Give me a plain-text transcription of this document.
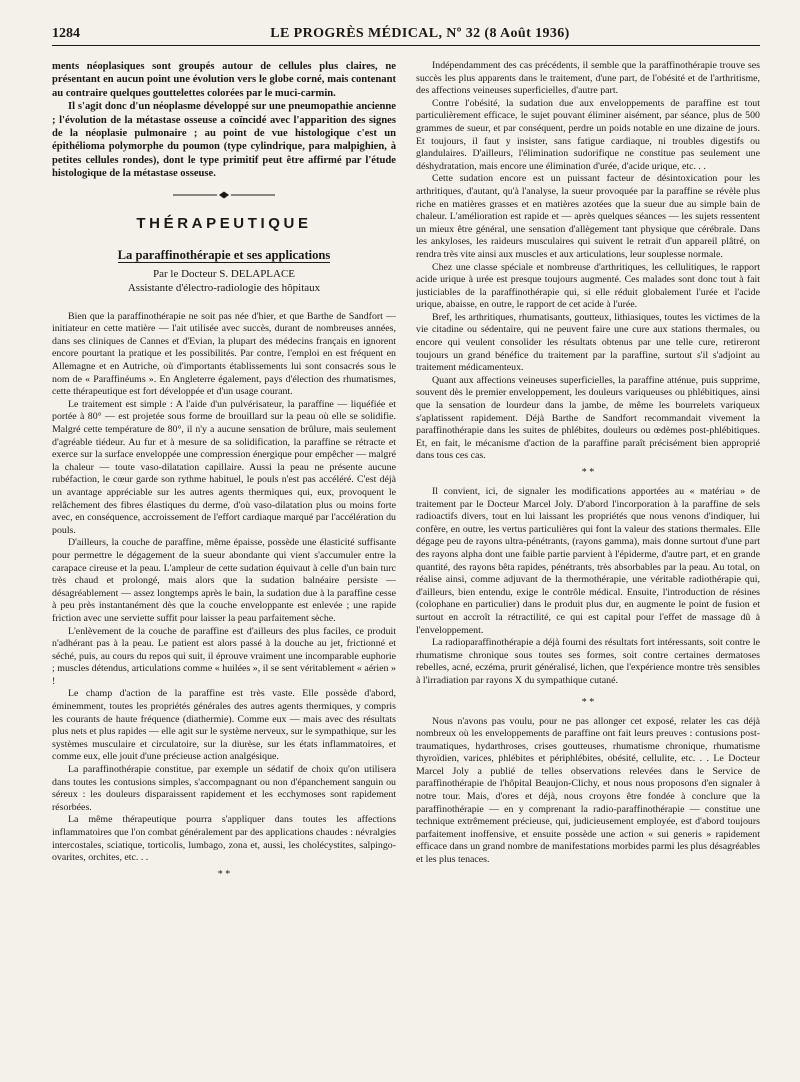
1284	LE PROGRÈS MÉDICAL, Nº 32 (8 Août 1936)

ments néoplasiques sont groupés autour de cellules plus claires, ne présentant en aucun point une évolution vers le globe corné, mais contenant au contraire quelques gouttelettes colorées par le muci-carmin.

Il s'agit donc d'un néoplasme développé sur une pneumopathie ancienne ; l'évolution de la métastase osseuse a coïncidé avec l'apparition des signes de la néoplasie pulmonaire ; au point de vue histologique c'est un épithélioma polymorphe du poumon (type cylindrique, para malpighien, à petites cellules rondes), dont le type primitif peut être affirmé par l'étude histologique de la métastase osseuse.

THÉRAPEUTIQUE
La paraffinothérapie et ses applications
Par le Docteur S. DELAPLACE
Assistante d'électro-radiologie des hôpitaux

Bien que la paraffinothérapie ne soit pas née d'hier, et que Barthe de Sandfort — initiateur en cette matière — l'ait utilisée avec succès, durant de nombreuses années, dans ses cliniques de Cannes et d'Evian, la plupart des médecins français en ignorent encore pourtant la pratique et les possibilités. Par contre, l'emploi en est fréquent en Allemagne et en Autriche, où d'importants établissements lui sont consacrés sous le nom de « Paraffinéums ». En Angleterre également, pays d'élection des rhumatismes, cette thérapeutique est fort développée et d'un usage courant.

Le traitement est simple : A l'aide d'un pulvérisateur, la paraffine — liquéfiée et portée à 80° — est projetée sous forme de brouillard sur la peau où elle se solidifie. Malgré cette température de 80°, il n'y a aucune sensation de brûlure, mais seulement d'agréable tiédeur. Au fur et à mesure de sa solidification, la paraffine se rétracte et exerce sur la surface enveloppée une compression énergique pour empêcher — malgré la chaleur — toute vaso-dilatation capillaire. Aussi la peau ne présente aucune rubéfaction, le cœur garde son rythme habituel, le pouls n'est pas accéléré. C'est déjà un avantage appréciable sur les autres agents thermiques qui, eux, provoquent le relâchement des fibres élastiques du derme, d'où vaso-dilatation plus ou moins forte avec, en conséquence, accroissement de l'effort cardiaque marqué par l'accélération du pouls.

D'ailleurs, la couche de paraffine, même épaisse, possède une élasticité suffisante pour permettre le dégagement de la sueur abondante qui vient s'accumuler entre la carapace cireuse et la peau. L'ampleur de cette sudation équivaut à celle d'un bain turc très chaud et prolongé, mais alors que la sudation balnéaire persiste — désagréablement — assez longtemps après le bain, la sudation due à la paraffine cesse à peu près instantanément dès que la couche enveloppante est enlevée ; une rapide friction avec une serviette suffit pour laisser la peau parfaitement sèche.

L'enlèvement de la couche de paraffine est d'ailleurs des plus faciles, ce produit n'adhérant pas à la peau. Le patient est alors passé à la douche au jet, frictionné et séché, puis, au cours du repos qui suit, il éprouve vraiment une incomparable euphorie ; muscles détendus, articulations comme « huilées », il se sent véritablement « aérien » !

Le champ d'action de la paraffine est très vaste. Elle possède d'abord, éminemment, toutes les propriétés générales des autres agents thermiques, y compris les courants de haute fréquence (diathermie). Comme eux — mais avec des résultats plus nets et plus rapides — elle agit sur le système nerveux, sur le sympathique, sur les systèmes musculaire et circulatoire, sur la diurèse, sur les états inflammatoires, et comme eux, elle jouit d'une précieuse action analgésique.

La paraffinothérapie constitue, par exemple un sédatif de choix qu'on utilisera dans toutes les contusions simples, s'accompagnant ou non d'épanchement sanguin ou séreux : les douleurs disparaissent rapidement et les ecchymoses sont rapidement résorbées.

La même thérapeutique pourra s'appliquer dans toutes les affections inflammatoires que l'on combat généralement par des applications chaudes : névralgies intercostales, sciatique, torticolis, lumbago, zona et, aussi, les cholécystites, salpingo-ovarites, orchites, etc. . .

* *

Indépendamment des cas précédents, il semble que la paraffinothérapie trouve ses succès les plus apparents dans le traitement, d'une part, de l'obésité et de l'arthritisme, des affections veineuses superficielles, d'autre part.

Contre l'obésité, la sudation due aux enveloppements de paraffine est tout particulièrement efficace, le sujet pouvant éliminer aisément, par séance, plus de 500 grammes de sueur, et par conséquent, perdre un poids notable en une dizaine de jours. Et toujours, il faut y insister, sans fatigue cardiaque, ni troubles digestifs ou glandulaires. D'ailleurs, l'élimination sudorifique ne constitue pas seulement une déshydratation, mais encore une élimination d'urée, d'acide urique, etc. . .

Cette sudation encore est un puissant facteur de désintoxication pour les arthritiques, d'autant, qu'à l'analyse, la sueur provoquée par la paraffine se révèle plus riche en matières grasses et en matières azotées que la sueur due au simple bain de chaleur. L'amélioration est rapide et — après quelques séances — les sujets ressentent un mieux être général, une sensation d'allègement tant physique que cérébrale. Dans les ankyloses, les raideurs musculaires qui suivent le retrait d'un appareil plâtré, on rendra très vite ainsi aux muscles et aux articulations, leur souplesse normale.

Chez une classe spéciale et nombreuse d'arthritiques, les cellulitiques, le rapport acide urique à urée est presque toujours augmenté. Ces malades sont donc tout à fait justiciables de la paraffinothérapie qui, si elle réduit globalement l'urée et l'acide urique, abaisse, en outre, le rapport de cet acide à l'urée.

Bref, les arthritiques, rhumatisants, goutteux, lithiasiques, toutes les victimes de la vie citadine ou sédentaire, qui ne peuvent faire une cure aux stations thermales, ou encore qui veulent consolider les résultats obtenus par une telle cure, retireront toujours un grand bénéfice du traitement par la paraffine, surtout s'il s'adjoint au traitement médicamenteux.

Quant aux affections veineuses superficielles, la paraffine atténue, puis supprime, souvent dès le premier enveloppement, les douleurs variqueuses ou phlébitiques, ainsi que la sensation de lourdeur dans la jambe, de même les bourrelets variqueux s'aplatissent rapidement. Déjà Barthe de Sandfort recommandait vivement la paraffinothérapie dans les suites de phlébites, douleurs ou œdèmes post-phlébitiques. Et, en fait, le mécanisme d'action de la paraffine paraît précisément bien approprié dans tous ces cas.

* *

Il convient, ici, de signaler les modifications apportées au « matériau » de traitement par le Docteur Marcel Joly. D'abord l'incorporation à la paraffine de sels radioactifs divers, tout en lui laissant les propriétés que nous venons d'indiquer, lui confère, en outre, les vertus particulières qui font la valeur des stations thermales. Elle dégage peu de rayons ultra-pénétrants, (rayons gamma), mais donne surtout d'une part des rayons alpha dont une faible partie parvient à l'épiderme, d'autre part, et en grande quantité, des rayons bêta rapides, pénétrants, très absorbables par la peau. Au total, on réalise ainsi, comme adjuvant de la thermothérapie, une véritable radiothérapie qui, d'ailleurs, bien entendu, exige le contrôle médical. Ensuite, l'introduction de résines (colophane en particulier) dans le produit plus dur, en augmente le point de fusion et surtout en accroît la rétractilité, ce qui est capital pour l'effet de massage dû à l'enveloppement.

La radioparaffinothérapie a déjà fourni des résultats fort intéressants, soit contre le rhumatisme chronique sous toutes ses formes, soit contre certaines dermatoses rebelles, acné, eczéma, prurit généralisé, lichen, que l'expérience montre très sensibles à l'irradiation par rayons X du sympathique cutané.

* *

Nous n'avons pas voulu, pour ne pas allonger cet exposé, relater les cas déjà nombreux où les enveloppements de paraffine ont fait leurs preuves : contusions post-traumatiques, hydarthroses, crises goutteuses, rhumatisme chronique, rhumatisme thyroïdien, varices, phlébites et périphlébites, obésité, cellulite, etc. . . Le Docteur Marcel Joly a publié de telles observations relevées dans le Service de paraffinothérapie de l'hôpital Beaujon-Clichy, et nous nous proposons d'en signaler à notre tour. Mais, d'ores et déjà, nous croyons être fondée à conclure que la paraffinothérapie — en y comprenant la radio-paraffinothérapie — constitue une technique extrêmement précieuse, qui, judicieusement employée, est d'abord toujours parfaitement inoffensive, et ensuite possède une action « sui generis » rapidement efficace dans un grand nombre de manifestations morbides parmi les plus désagréables et les plus tenaces.
